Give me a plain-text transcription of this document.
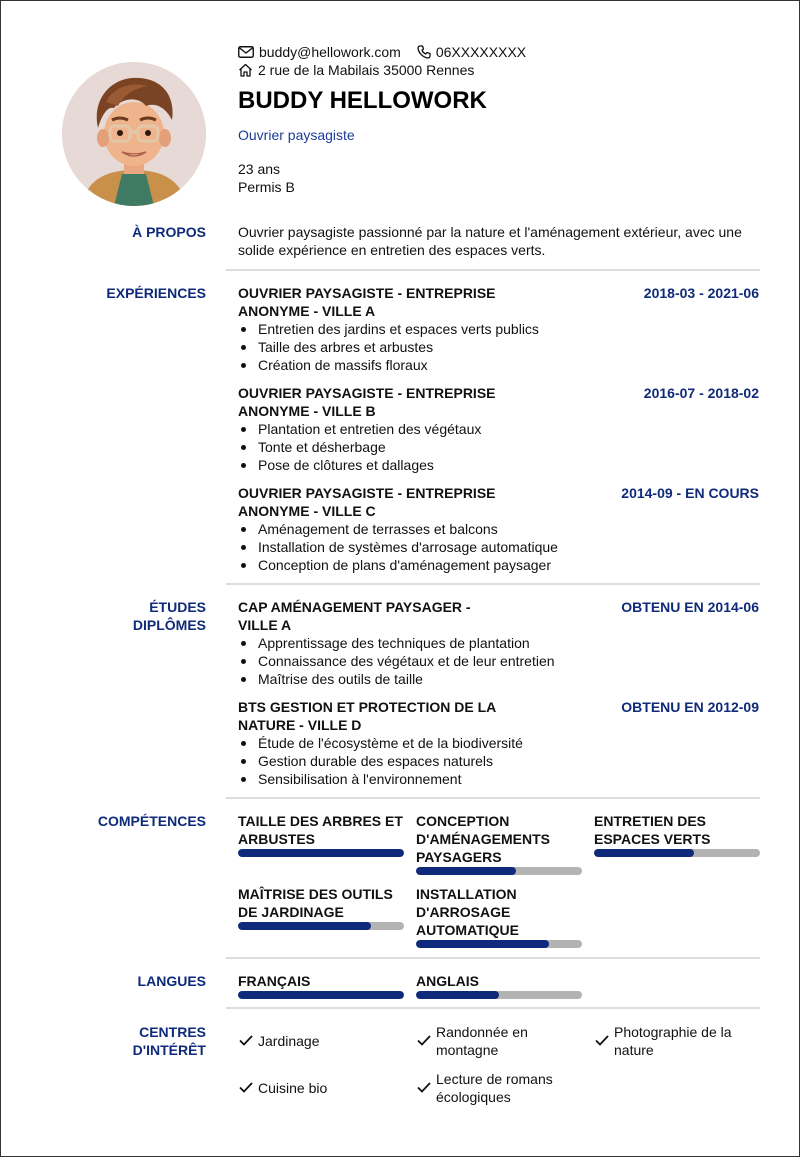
buddy@hellowork.com	06XXXXXXXX
2 rue de la Mabilais 35000 Rennes
BUDDY HELLOWORK
Ouvrier paysagiste
23 ans
Permis B
À PROPOS Ouvrier paysagiste passionné par la nature et l'aménagement extérieur, avec une solide expérience en entretien des espaces verts.
EXPÉRIENCES OUVRIER PAYSAGISTE - ENTREPRISE ANONYME - VILLE A
2018-03 - 2021-06
Entretien des jardins et espaces verts publics
Taille des arbres et arbustes
Création de massifs floraux
OUVRIER PAYSAGISTE - ENTREPRISE ANONYME - VILLE B
2016-07 - 2018-02
Plantation et entretien des végétaux
Tonte et désherbage
Pose de clôtures et dallages
OUVRIER PAYSAGISTE - ENTREPRISE ANONYME - VILLE C
2014-09 - EN COURS
Aménagement de terrasses et balcons
Installation de systèmes d'arrosage automatique
Conception de plans d'aménagement paysager
ÉTUDES
DIPLÔMES
CAP AMÉNAGEMENT PAYSAGER - VILLE A
OBTENU EN 2014-06
Apprentissage des techniques de plantation
Connaissance des végétaux et de leur entretien
Maîtrise des outils de taille
BTS GESTION ET PROTECTION DE LA NATURE - VILLE D
OBTENU EN 2012-09
Étude de l'écosystème et de la biodiversité
Gestion durable des espaces naturels
Sensibilisation à l'environnement
COMPÉTENCES TAILLE DES ARBRES ET ARBUSTES
CONCEPTION D'AMÉNAGEMENTS PAYSAGERS
ENTRETIEN DES ESPACES VERTS
MAÎTRISE DES OUTILS DE JARDINAGE
INSTALLATION D'ARROSAGE AUTOMATIQUE
LANGUES FRANÇAIS	ANGLAIS
CENTRES
D'INTÉRÊT
Jardinage
Randonnée en montagne
Photographie de la nature
Cuisine bio
Lecture de romans écologiques
